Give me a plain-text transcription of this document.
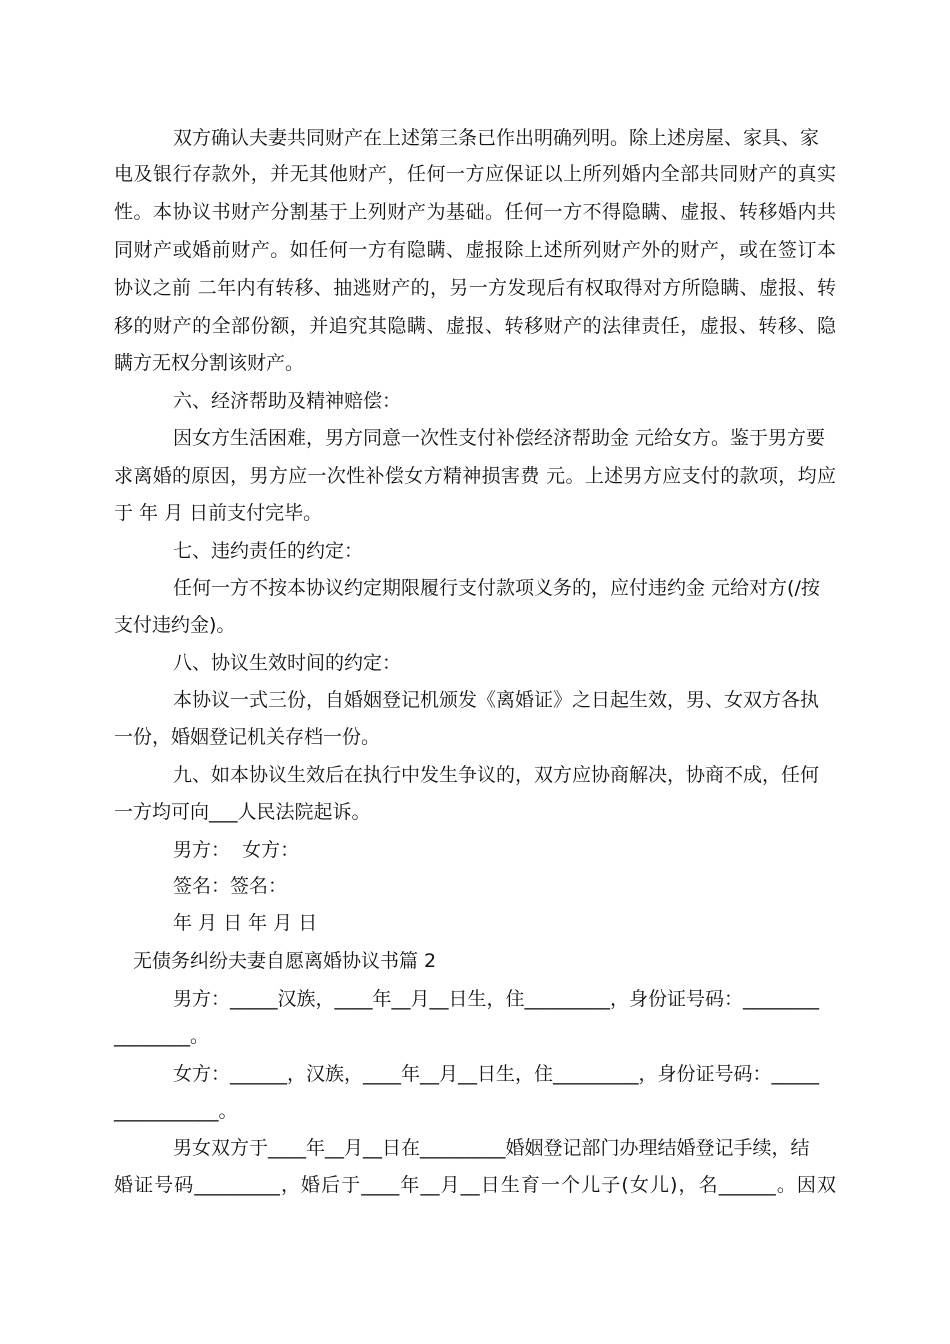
双方确认夫妻共同财产在上述第三条已作出明确列明。除上述房屋、家具、家
电及银行存款外，并无其他财产，任何一方应保证以上所列婚内全部共同财产的真实
性。本协议书财产分割基于上列财产为基础。任何一方不得隐瞒、虚报、转移婚内共
同财产或婚前财产。如任何一方有隐瞒、虚报除上述所列财产外的财产，或在签订本
协议之前 二年内有转移、抽逃财产的，另一方发现后有权取得对方所隐瞒、虚报、转
移的财产的全部份额，并追究其隐瞒、虚报、转移财产的法律责任，虚报、转移、隐
瞒方无权分割该财产。
六、经济帮助及精神赔偿：
因女方生活困难，男方同意一次性支付补偿经济帮助金 元给女方。鉴于男方要
求离婚的原因，男方应一次性补偿女方精神损害费 元。上述男方应支付的款项，均应
于 年 月 日前支付完毕。
七、违约责任的约定：
任何一方不按本协议约定期限履行支付款项义务的，应付违约金 元给对方(/按
支付违约金)。
八、协议生效时间的约定：
本协议一式三份，自婚姻登记机颁发《离婚证》之日起生效，男、女双方各执
一份，婚姻登记机关存档一份。
九、如本协议生效后在执行中发生争议的，双方应协商解决，协商不成，任何
一方均可向___人民法院起诉。
男方：  女方：
签名：签名：
年 月 日 年 月 日
无债务纠纷夫妻自愿离婚协议书篇 2
男方：_____汉族，____年__月__日生，住_________，身份证号码：________
________。
女方：______，汉族，____年__月__日生，住_________，身份证号码：_____
___________。
男女双方于____年__月__日在_________婚姻登记部门办理结婚登记手续，结
婚证号码_________，婚后于____年__月__日生育一个儿子(女儿)，名______。因双
